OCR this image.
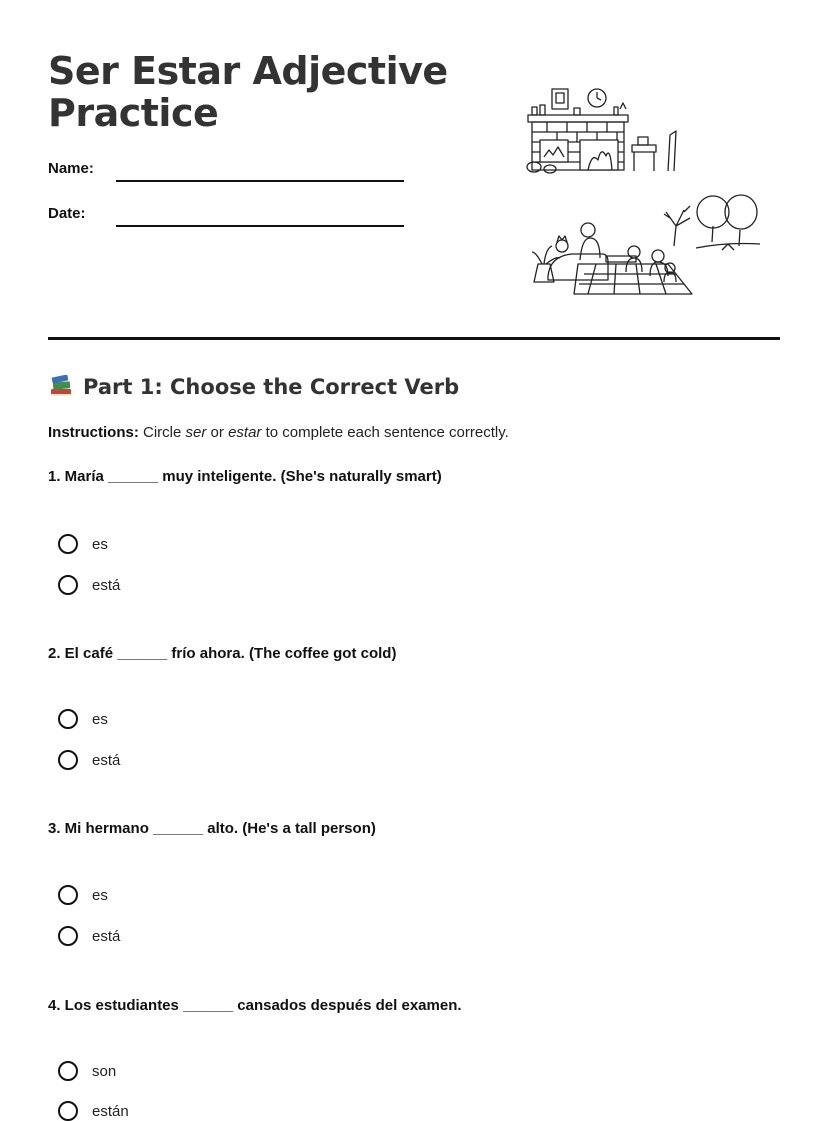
Ser Estar Adjective
Practice
Name:
Date:
Part 1: Choose the Correct Verb
Instructions: Circle ser or estar to complete each sentence correctly.
1. María ______ muy inteligente. (She's naturally smart)
es
está
2. El café ______ frío ahora. (The coffee got cold)
es
está
3. Mi hermano ______ alto. (He's a tall person)
es
está
4. Los estudiantes ______ cansados después del examen.
son
están
